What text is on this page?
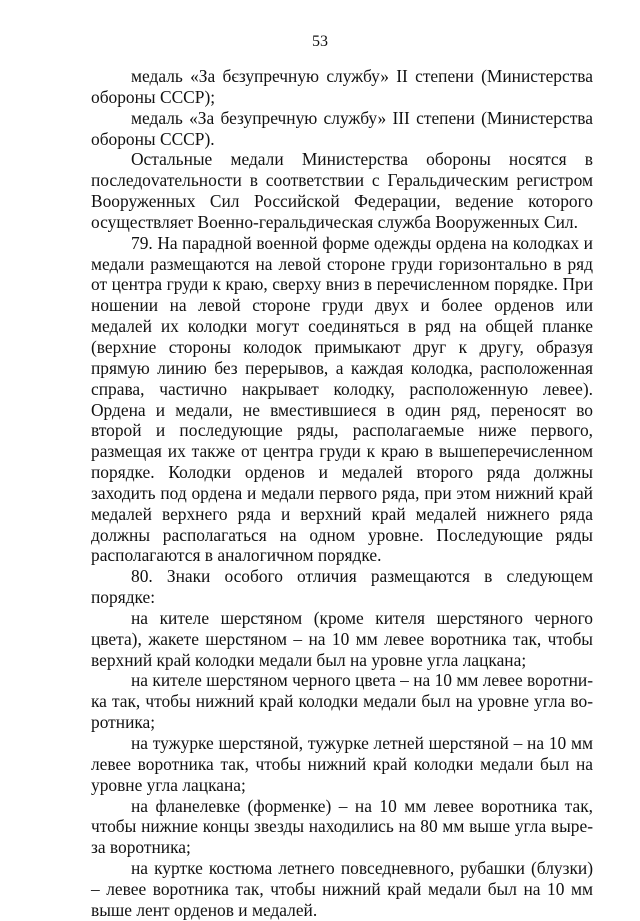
53

медаль «За бєзупречную службу» II степени (Министерства обороны СССР);

медаль «За безупречную службу» III степени (Министерства обороны СССР).

Остальные медали Министерства обороны носятся в последоvательности в соответствии с Геральдическим регистром Вооруженных Сил Российской Федерации, ведение которого осуществляет Военно-геральдическая служба Вооруженных Сил.

79. На парадной военной форме одежды ордена на колодках и медали размещаются на левой стороне груди горизонтально в ряд от центра груди к краю, сверху вниз в перечисленном порядке. При ношении на левой стороне груди двух и более орденов или медалей их колодки могут соединяться в ряд на общей планке (верхние стороны колодок примыкают друг к другу, образуя прямую линию без перерывов, а каждая колодка, расположенная справа, частично накрывает колодку, расположенную левее). Ордена и медали, не вместившиеся в один ряд, переносят во второй и последующие ряды, располагаемые ниже первого, размещая их также от центра груди к краю в вышеперечисленном порядке. Колодки орденов и медалей второго ряда должны заходить под ордена и медали первого ряда, при этом нижний край медалей верхнего ряда и верхний край медалей нижнего ряда должны располагаться на одном уровне. Последующие ряды располагаются в аналогичном порядке.

80. Знаки особого отличия размещаются в следующем порядке:

на кителе шерстяном (кроме кителя шерстяного черного цвета), жакете шерстяном – на 10 мм левее воротника так, чтобы верхний край колодки медали был на уровне угла лацкана;

на кителе шерстяном черного цвета – на 10 мм левее воротника так, чтобы нижний край колодки медали был на уровне угла воротника;

на тужурке шерстяной, тужурке летней шерстяной – на 10 мм левее воротника так, чтобы нижний край колодки медали был на уровне угла лацкана;

на фланелевке (форменке) – на 10 мм левее воротника так, чтобы нижние концы звезды находились на 80 мм выше угла выреза воротника;

на куртке костюма летнего повседневного, рубашки (блузки) – левее воротника так, чтобы нижний край медали был на 10 мм выше лент орденов и медалей.
